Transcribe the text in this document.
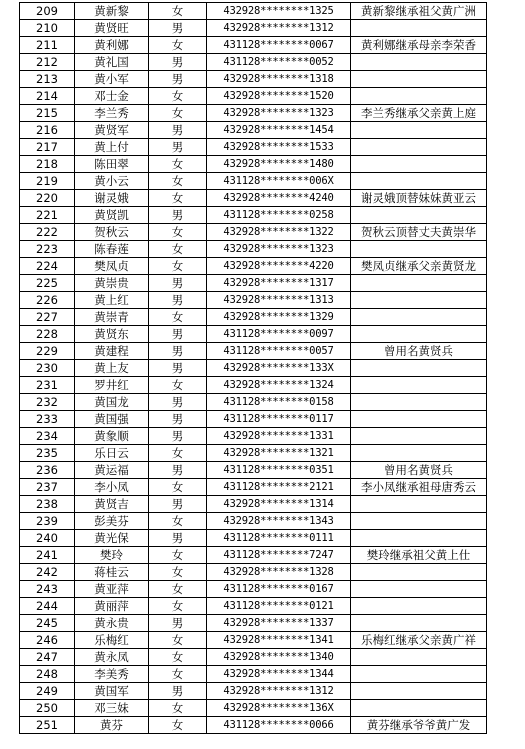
209	黄新黎	女	432928********1325	黄新黎继承祖父黄广洲
210	黄贤旺	男	432928********1312	
211	黄利娜	女	431128********0067	黄利娜继承母亲李荣香
212	黄礼国	男	431128********0052	
213	黄小军	男	432928********1318	
214	邓士金	女	432928********1520	
215	李兰秀	女	432928********1323	李兰秀继承父亲黄上庭
216	黄贤军	男	432928********1454	
217	黄上付	男	432928********1533	
218	陈田翠	女	432928********1480	
219	黄小云	女	431128********006X	
220	谢灵娥	女	432928********4240	谢灵娥顶替妹妹黄亚云
221	黄贤凯	男	431128********0258	
222	贺秋云	女	432928********1322	贺秋云顶替丈夫黄崇华
223	陈春莲	女	432928********1323	
224	樊凤贞	女	432928********4220	樊凤贞继承父亲黄贤龙
225	黄崇贵	男	432928********1317	
226	黄上红	男	432928********1313	
227	黄崇青	女	432928********1329	
228	黄贤东	男	431128********0097	
229	黄建程	男	431128********0057	曾用名黄贤兵
230	黄上友	男	432928********133X	
231	罗井红	女	432928********1324	
232	黄国龙	男	431128********0158	
233	黄国强	男	431128********0117	
234	黄象顺	男	432928********1331	
235	乐日云	女	432928********1321	
236	黄运福	男	431128********0351	曾用名黄贤兵
237	李小凤	女	431128********2121	李小凤继承祖母唐秀云
238	黄贤吉	男	432928********1314	
239	彭美芬	女	432928********1343	
240	黄光保	男	431128********0111	
241	樊玲	女	431128********7247	樊玲继承祖父黄上仕
242	蒋桂云	女	432928********1328	
243	黄亚萍	女	431128********0167	
244	黄丽萍	女	431128********0121	
245	黄永贵	男	432928********1337	
246	乐梅红	女	432928********1341	乐梅红继承父亲黄广祥
247	黄永凤	女	432928********1340	
248	李美秀	女	432928********1344	
249	黄国军	男	432928********1312	
250	邓三妹	女	432928********136X	
251	黄芬	女	431128********0066	黄芬继承爷爷黄广发
